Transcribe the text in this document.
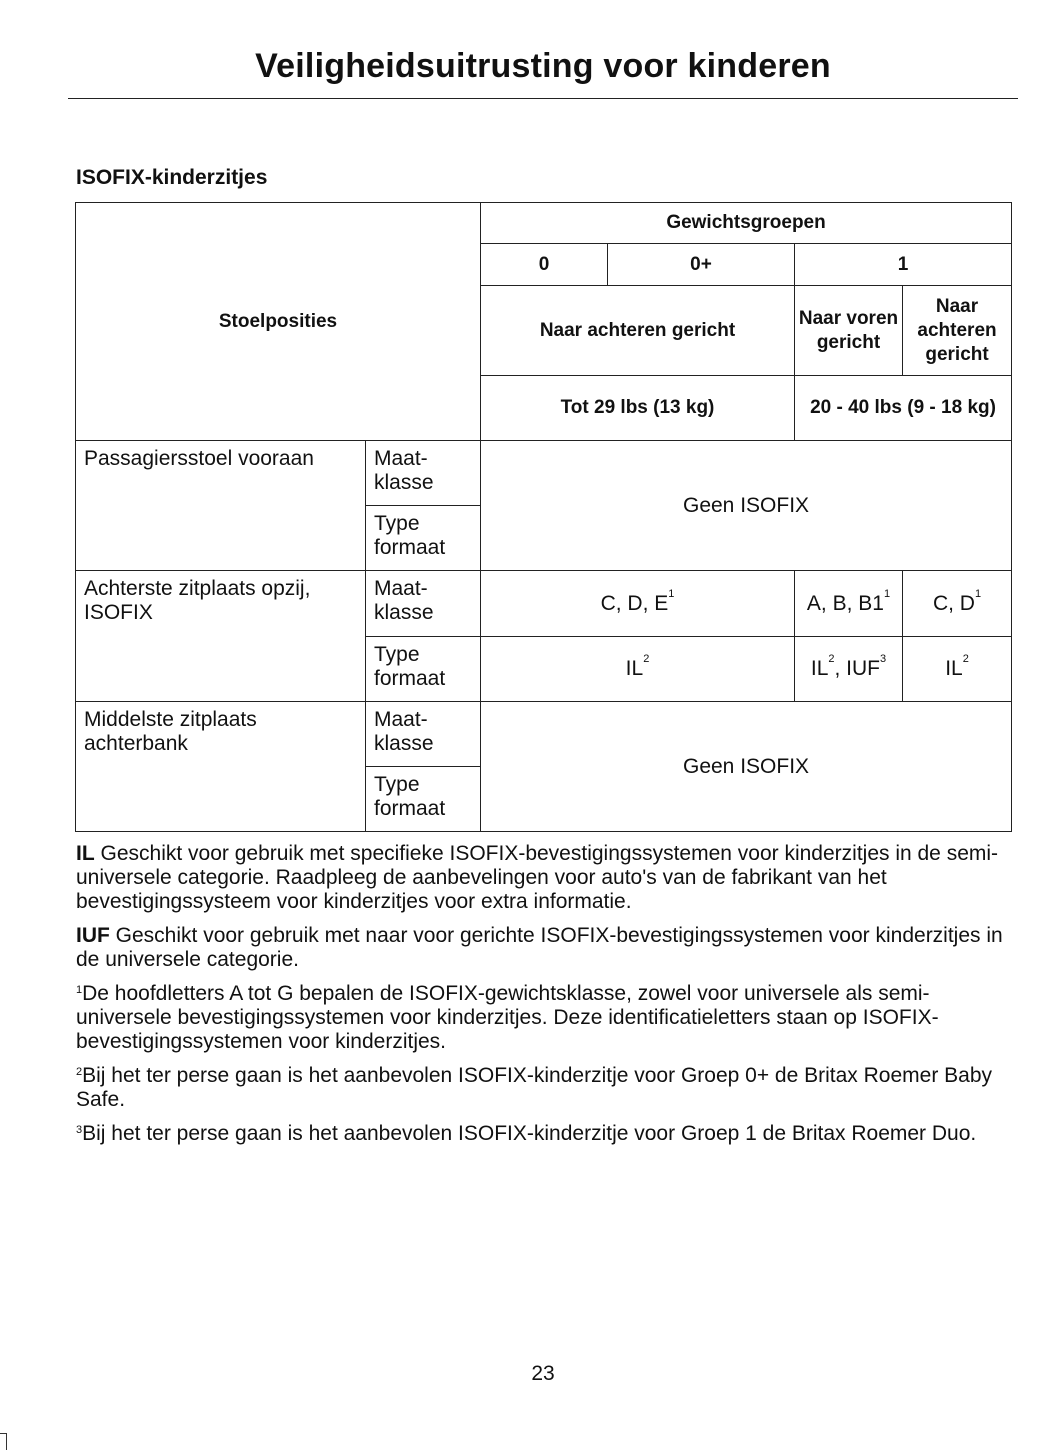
Veiligheidsuitrusting voor kinderen
ISOFIX-kinderzitjes
Stoelposities		Gewichtsgroepen			
		0	0+	1	
		Naar achteren gericht		Naar voren gericht	Naar achteren gericht
		Tot 29 lbs (13 kg)		20 - 40 lbs (9 - 18 kg)	
Passagiersstoel vooraan	Maat-klasse	Geen ISOFIX			
	Type formaat				
Achterste zitplaats opzij, ISOFIX	Maat-klasse	C, D, $E^1$		A, B, $B1^1$	C, $D^1$
	Type formaat	$IL^2$		$IL^2$, IUF$^3$	$IL^2$
Middelste zitplaats achterbank	Maat-klasse	Geen ISOFIX			
	Type formaat				

IL Geschikt voor gebruik met specifieke ISOFIX-bevestigingssystemen voor kinderzitjes in de semi-universele categorie. Raadpleeg de aanbevelingen voor auto's van de fabrikant van het bevestigingssysteem voor kinderzitjes voor extra informatie.

IUF Geschikt voor gebruik met naar voor gerichte ISOFIX-bevestigingssystemen voor kinderzitjes in de universele categorie.

$^1$De hoofdletters A tot G bepalen de ISOFIX-gewichtsklasse, zowel voor universele als semi-universele bevestigingssystemen voor kinderzitjes. Deze identificatieletters staan op ISOFIX-bevestigingssystemen voor kinderzitjes.

$^2$Bij het ter perse gaan is het aanbevolen ISOFIX-kinderzitje voor Groep 0+ de Britax Roemer Baby Safe.

$^3$Bij het ter perse gaan is het aanbevolen ISOFIX-kinderzitje voor Groep 1 de Britax Roemer Duo.

23
